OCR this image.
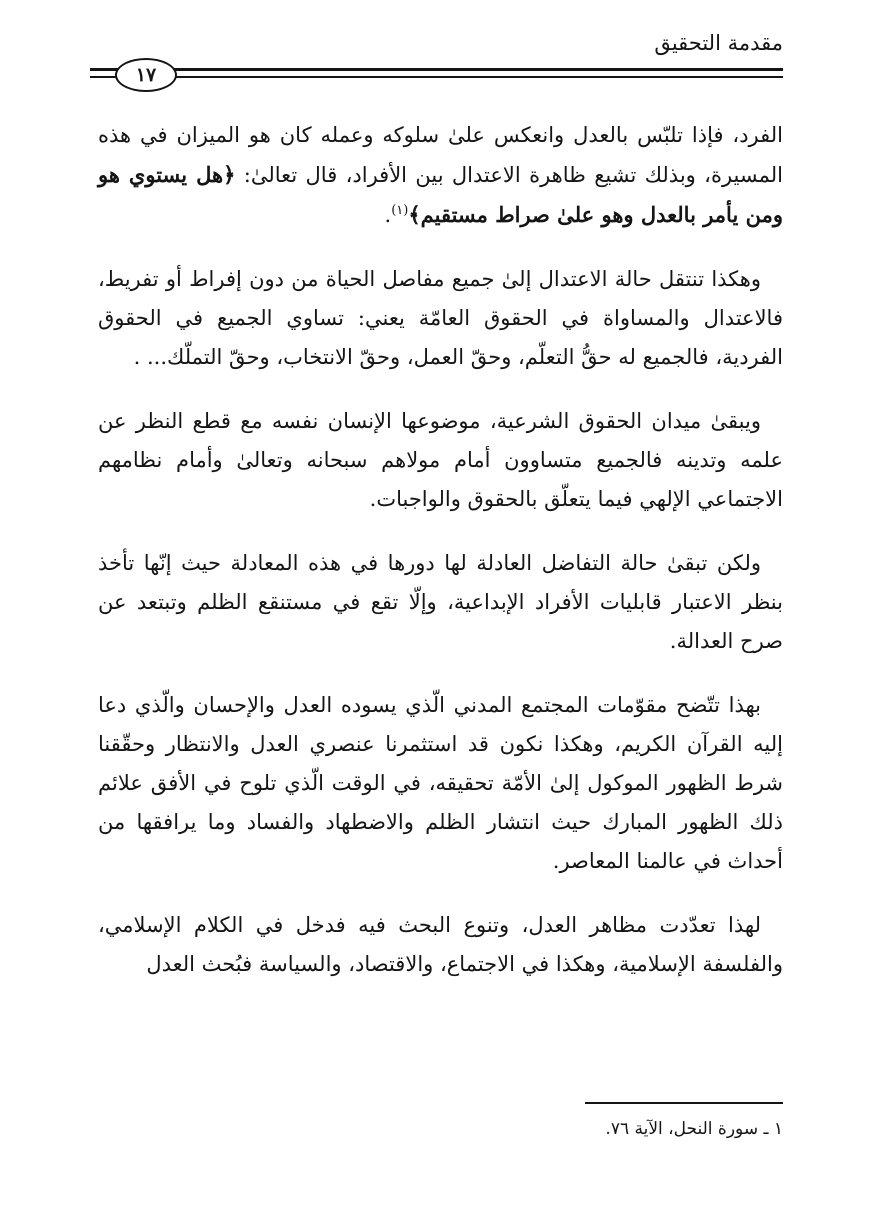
مقدمة التحقيق
١٧

الفرد، فإذا تلبّس بالعدل وانعكس علىٰ سلوكه وعمله كان هو الميزان في هذه المسيرة، وبذلك تشيع ظاهرة الاعتدال بين الأفراد، قال تعالىٰ: ﴿هل يستوي هو ومن يأمر بالعدل وهو علىٰ صراط مستقيم﴾$^{(١)}$.

وهكذا تنتقل حالة الاعتدال إلىٰ جميع مفاصل الحياة من دون إفراط أو تفريط، فالاعتدال والمساواة في الحقوق العامّة يعني: تساوي الجميع في الحقوق الفردية، فالجميع له حقُّ التعلّم، وحقّ العمل، وحقّ الانتخاب، وحقّ التملّك... .

ويبقىٰ ميدان الحقوق الشرعية، موضوعها الإنسان نفسه مع قطع النظر عن علمه وتدينه فالجميع متساوون أمام مولاهم سبحانه وتعالىٰ وأمام نظامهم الاجتماعي الإلهي فيما يتعلّق بالحقوق والواجبات.

ولكن تبقىٰ حالة التفاضل العادلة لها دورها في هذه المعادلة حيث إنّها تأخذ بنظر الاعتبار قابليات الأفراد الإبداعية، وإلّا تقع في مستنقع الظلم وتبتعد عن صرح العدالة.

بهذا تتّضح مقوّمات المجتمع المدني الّذي يسوده العدل والإحسان والّذي دعا إليه القرآن الكريم، وهكذا نكون قد استثمرنا عنصري العدل والانتظار وحقّقنا شرط الظهور الموكول إلىٰ الأمّة تحقيقه، في الوقت الّذي تلوح في الأفق علائم ذلك الظهور المبارك حيث انتشار الظلم والاضطهاد والفساد وما يرافقها من أحداث في عالمنا المعاصر.

لهذا تعدّدت مظاهر العدل، وتنوع البحث فيه فدخل في الكلام الإسلامي، والفلسفة الإسلامية، وهكذا في الاجتماع، والاقتصاد، والسياسة فبُحث العدل

١ ـ سورة النحل، الآية ٧٦.
